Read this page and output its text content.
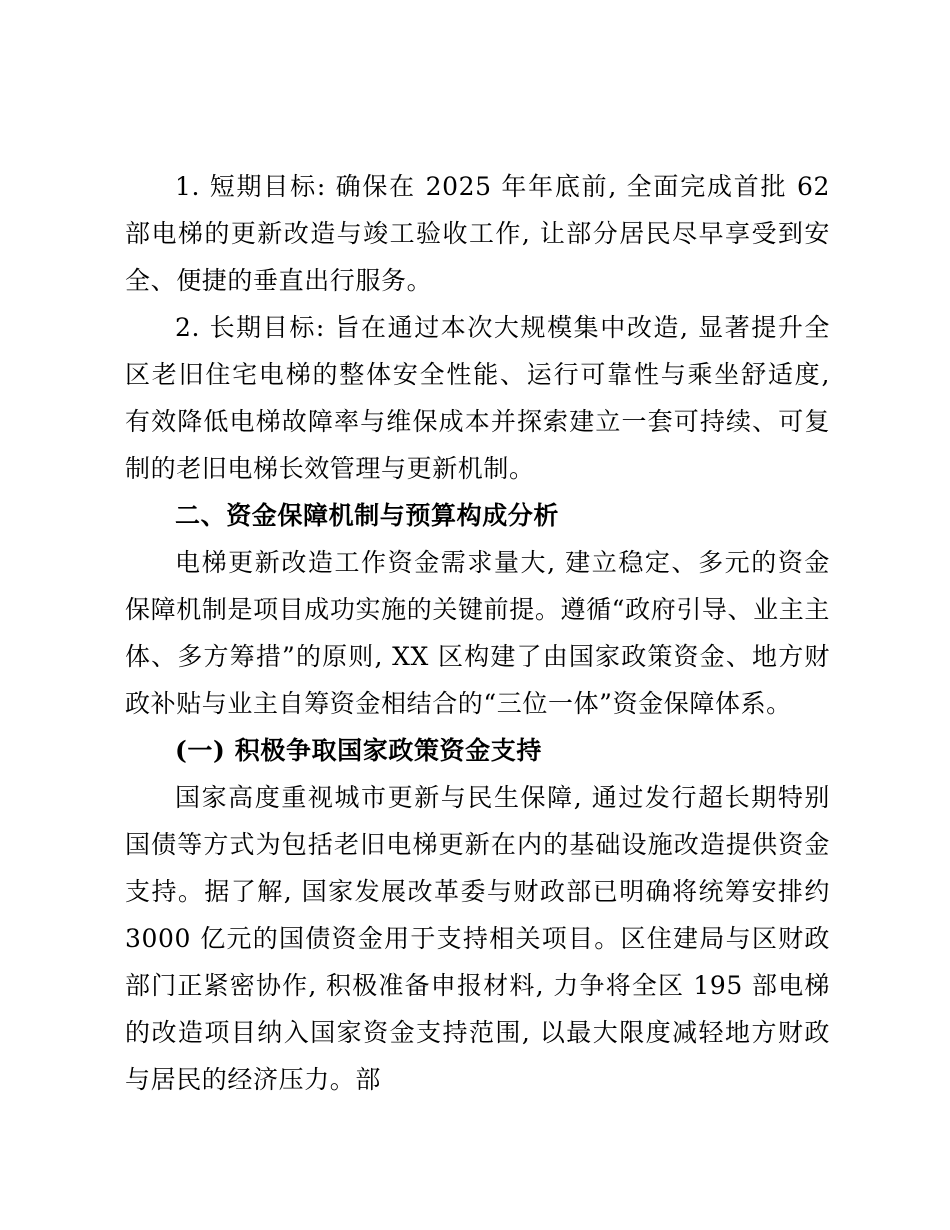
1. 短期目标: 确保在 2025 年年底前, 全面完成首批 62 部电梯的更新改造与竣工验收工作, 让部分居民尽早享受到安全、便捷的垂直出行服务。

2. 长期目标: 旨在通过本次大规模集中改造, 显著提升全区老旧住宅电梯的整体安全性能、运行可靠性与乘坐舒适度, 有效降低电梯故障率与维保成本并探索建立一套可持续、可复制的老旧电梯长效管理与更新机制。

二、资金保障机制与预算构成分析

电梯更新改造工作资金需求量大, 建立稳定、多元的资金保障机制是项目成功实施的关键前提。遵循“政府引导、业主主体、多方筹措”的原则, XX 区构建了由国家政策资金、地方财政补贴与业主自筹资金相结合的“三位一体”资金保障体系。

(一) 积极争取国家政策资金支持

国家高度重视城市更新与民生保障, 通过发行超长期特别国债等方式为包括老旧电梯更新在内的基础设施改造提供资金支持。据了解, 国家发展改革委与财政部已明确将统筹安排约 3000 亿元的国债资金用于支持相关项目。区住建局与区财政部门正紧密协作, 积极准备申报材料, 力争将全区 195 部电梯的改造项目纳入国家资金支持范围, 以最大限度减轻地方财政与居民的经济压力。部
